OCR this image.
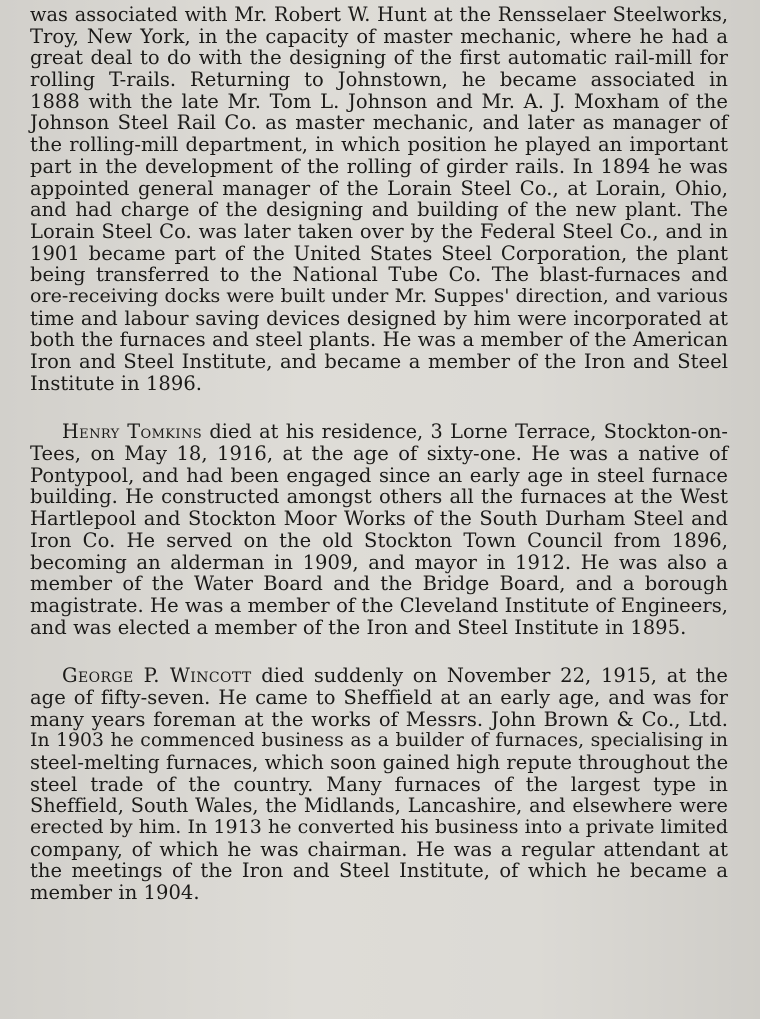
was associated with Mr. Robert W. Hunt at the Rensselaer Steelworks,
Troy, New York, in the capacity of master mechanic, where he had a
great deal to do with the designing of the first automatic rail-mill for
rolling T-rails. Returning to Johnstown, he became associated in
1888 with the late Mr. Tom L. Johnson and Mr. A. J. Moxham of the
Johnson Steel Rail Co. as master mechanic, and later as manager of
the rolling-mill department, in which position he played an important
part in the development of the rolling of girder rails. In 1894 he was
appointed general manager of the Lorain Steel Co., at Lorain, Ohio,
and had charge of the designing and building of the new plant. The
Lorain Steel Co. was later taken over by the Federal Steel Co., and in
1901 became part of the United States Steel Corporation, the plant
being transferred to the National Tube Co. The blast-furnaces and
ore-receiving docks were built under Mr. Suppes' direction, and various
time and labour saving devices designed by him were incorporated at
both the furnaces and steel plants. He was a member of the American
Iron and Steel Institute, and became a member of the Iron and Steel
Institute in 1896.
Henry Tomkins died at his residence, 3 Lorne Terrace, Stockton-on-
Tees, on May 18, 1916, at the age of sixty-one. He was a native of
Pontypool, and had been engaged since an early age in steel furnace
building. He constructed amongst others all the furnaces at the West
Hartlepool and Stockton Moor Works of the South Durham Steel and
Iron Co. He served on the old Stockton Town Council from 1896,
becoming an alderman in 1909, and mayor in 1912. He was also a
member of the Water Board and the Bridge Board, and a borough
magistrate. He was a member of the Cleveland Institute of Engineers,
and was elected a member of the Iron and Steel Institute in 1895.
George P. Wincott died suddenly on November 22, 1915, at the
age of fifty-seven. He came to Sheffield at an early age, and was for
many years foreman at the works of Messrs. John Brown & Co., Ltd.
In 1903 he commenced business as a builder of furnaces, specialising in
steel-melting furnaces, which soon gained high repute throughout the
steel trade of the country. Many furnaces of the largest type in
Sheffield, South Wales, the Midlands, Lancashire, and elsewhere were
erected by him. In 1913 he converted his business into a private limited
company, of which he was chairman. He was a regular attendant at
the meetings of the Iron and Steel Institute, of which he became a
member in 1904.
